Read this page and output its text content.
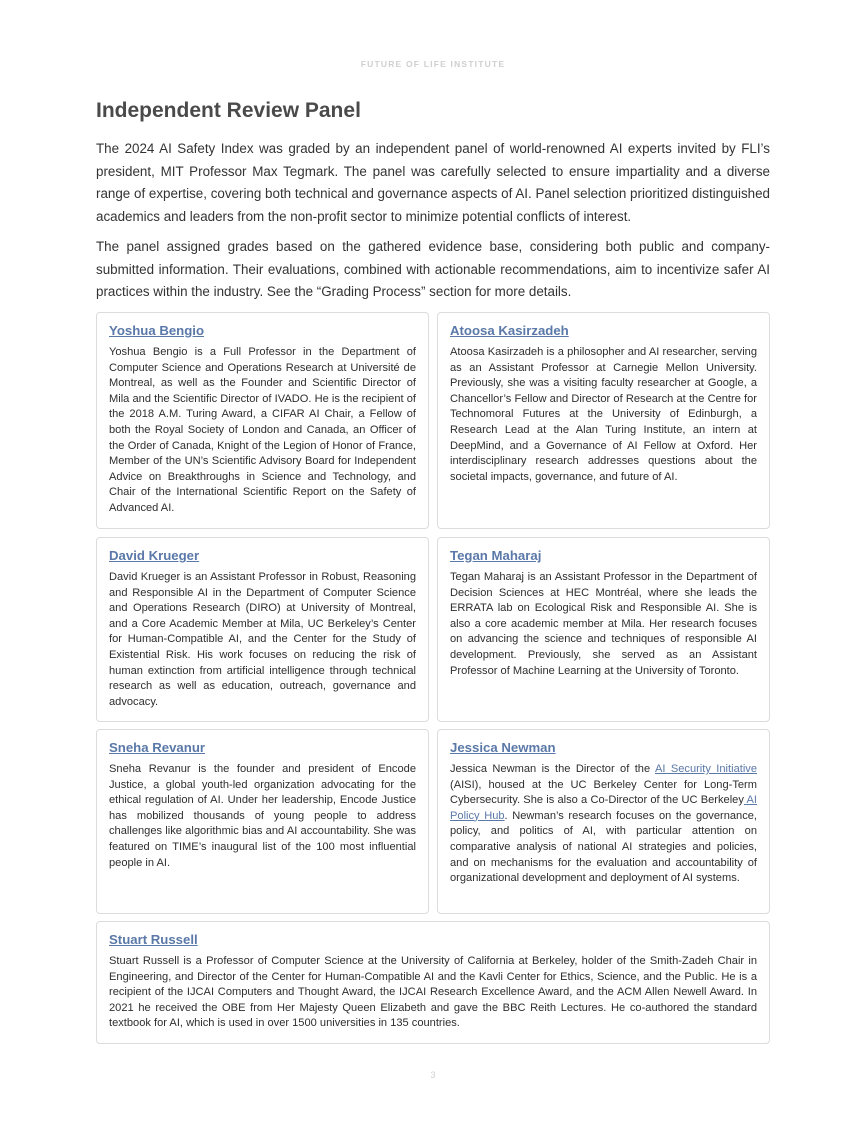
FUTURE OF LIFE INSTITUTE
Independent Review Panel

The 2024 AI Safety Index was graded by an independent panel of world-renowned AI experts invited by FLI’s president, MIT Professor Max Tegmark. The panel was carefully selected to ensure impartiality and a diverse range of expertise, covering both technical and governance aspects of AI. Panel selection prioritized distinguished academics and leaders from the non-profit sector to minimize potential conflicts of interest.

The panel assigned grades based on the gathered evidence base, considering both public and company-submitted information. Their evaluations, combined with actionable recommendations, aim to incentivize safer AI practices within the industry. See the “Grading Process” section for more details.

Yoshua Bengio

Yoshua Bengio is a Full Professor in the Department of Computer Science and Operations Research at Université de Montreal, as well as the Founder and Scientific Director of Mila and the Scientific Director of IVADO. He is the recipient of the 2018 A.M. Turing Award, a CIFAR AI Chair, a Fellow of both the Royal Society of London and Canada, an Officer of the Order of Canada, Knight of the Legion of Honor of France, Member of the UN’s Scientific Advisory Board for Independent Advice on Breakthroughs in Science and Technology, and Chair of the International Scientific Report on the Safety of Advanced AI.

Atoosa Kasirzadeh

Atoosa Kasirzadeh is a philosopher and AI researcher, serving as an Assistant Professor at Carnegie Mellon University. Previously, she was a visiting faculty researcher at Google, a Chancellor’s Fellow and Director of Research at the Centre for Technomoral Futures at the University of Edinburgh, a Research Lead at the Alan Turing Institute, an intern at DeepMind, and a Governance of AI Fellow at Oxford. Her interdisciplinary research addresses questions about the societal impacts, governance, and future of AI.

David Krueger

David Krueger is an Assistant Professor in Robust, Reasoning and Responsible AI in the Department of Computer Science and Operations Research (DIRO) at University of Montreal, and a Core Academic Member at Mila, UC Berkeley’s Center for Human-Compatible AI, and the Center for the Study of Existential Risk. His work focuses on reducing the risk of human extinction from artificial intelligence through technical research as well as education, outreach, governance and advocacy.

Tegan Maharaj

Tegan Maharaj is an Assistant Professor in the Department of Decision Sciences at HEC Montréal, where she leads the ERRATA lab on Ecological Risk and Responsible AI. She is also a core academic member at Mila. Her research focuses on advancing the science and techniques of responsible AI development. Previously, she served as an Assistant Professor of Machine Learning at the University of Toronto.

Sneha Revanur

Sneha Revanur is the founder and president of Encode Justice, a global youth-led organization advocating for the ethical regulation of AI. Under her leadership, Encode Justice has mobilized thousands of young people to address challenges like algorithmic bias and AI accountability. She was featured on TIME’s inaugural list of the 100 most influential people in AI.

Jessica Newman

Jessica Newman is the Director of the AI Security Initiative (AISI), housed at the UC Berkeley Center for Long-Term Cybersecurity. She is also a Co-Director of the UC Berkeley AI Policy Hub. Newman’s research focuses on the governance, policy, and politics of AI, with particular attention on comparative analysis of national AI strategies and policies, and on mechanisms for the evaluation and accountability of organizational development and deployment of AI systems.

Stuart Russell

Stuart Russell is a Professor of Computer Science at the University of California at Berkeley, holder of the Smith-Zadeh Chair in Engineering, and Director of the Center for Human-Compatible AI and the Kavli Center for Ethics, Science, and the Public. He is a recipient of the IJCAI Computers and Thought Award, the IJCAI Research Excellence Award, and the ACM Allen Newell Award. In 2021 he received the OBE from Her Majesty Queen Elizabeth and gave the BBC Reith Lectures. He co-authored the standard textbook for AI, which is used in over 1500 universities in 135 countries.

3
